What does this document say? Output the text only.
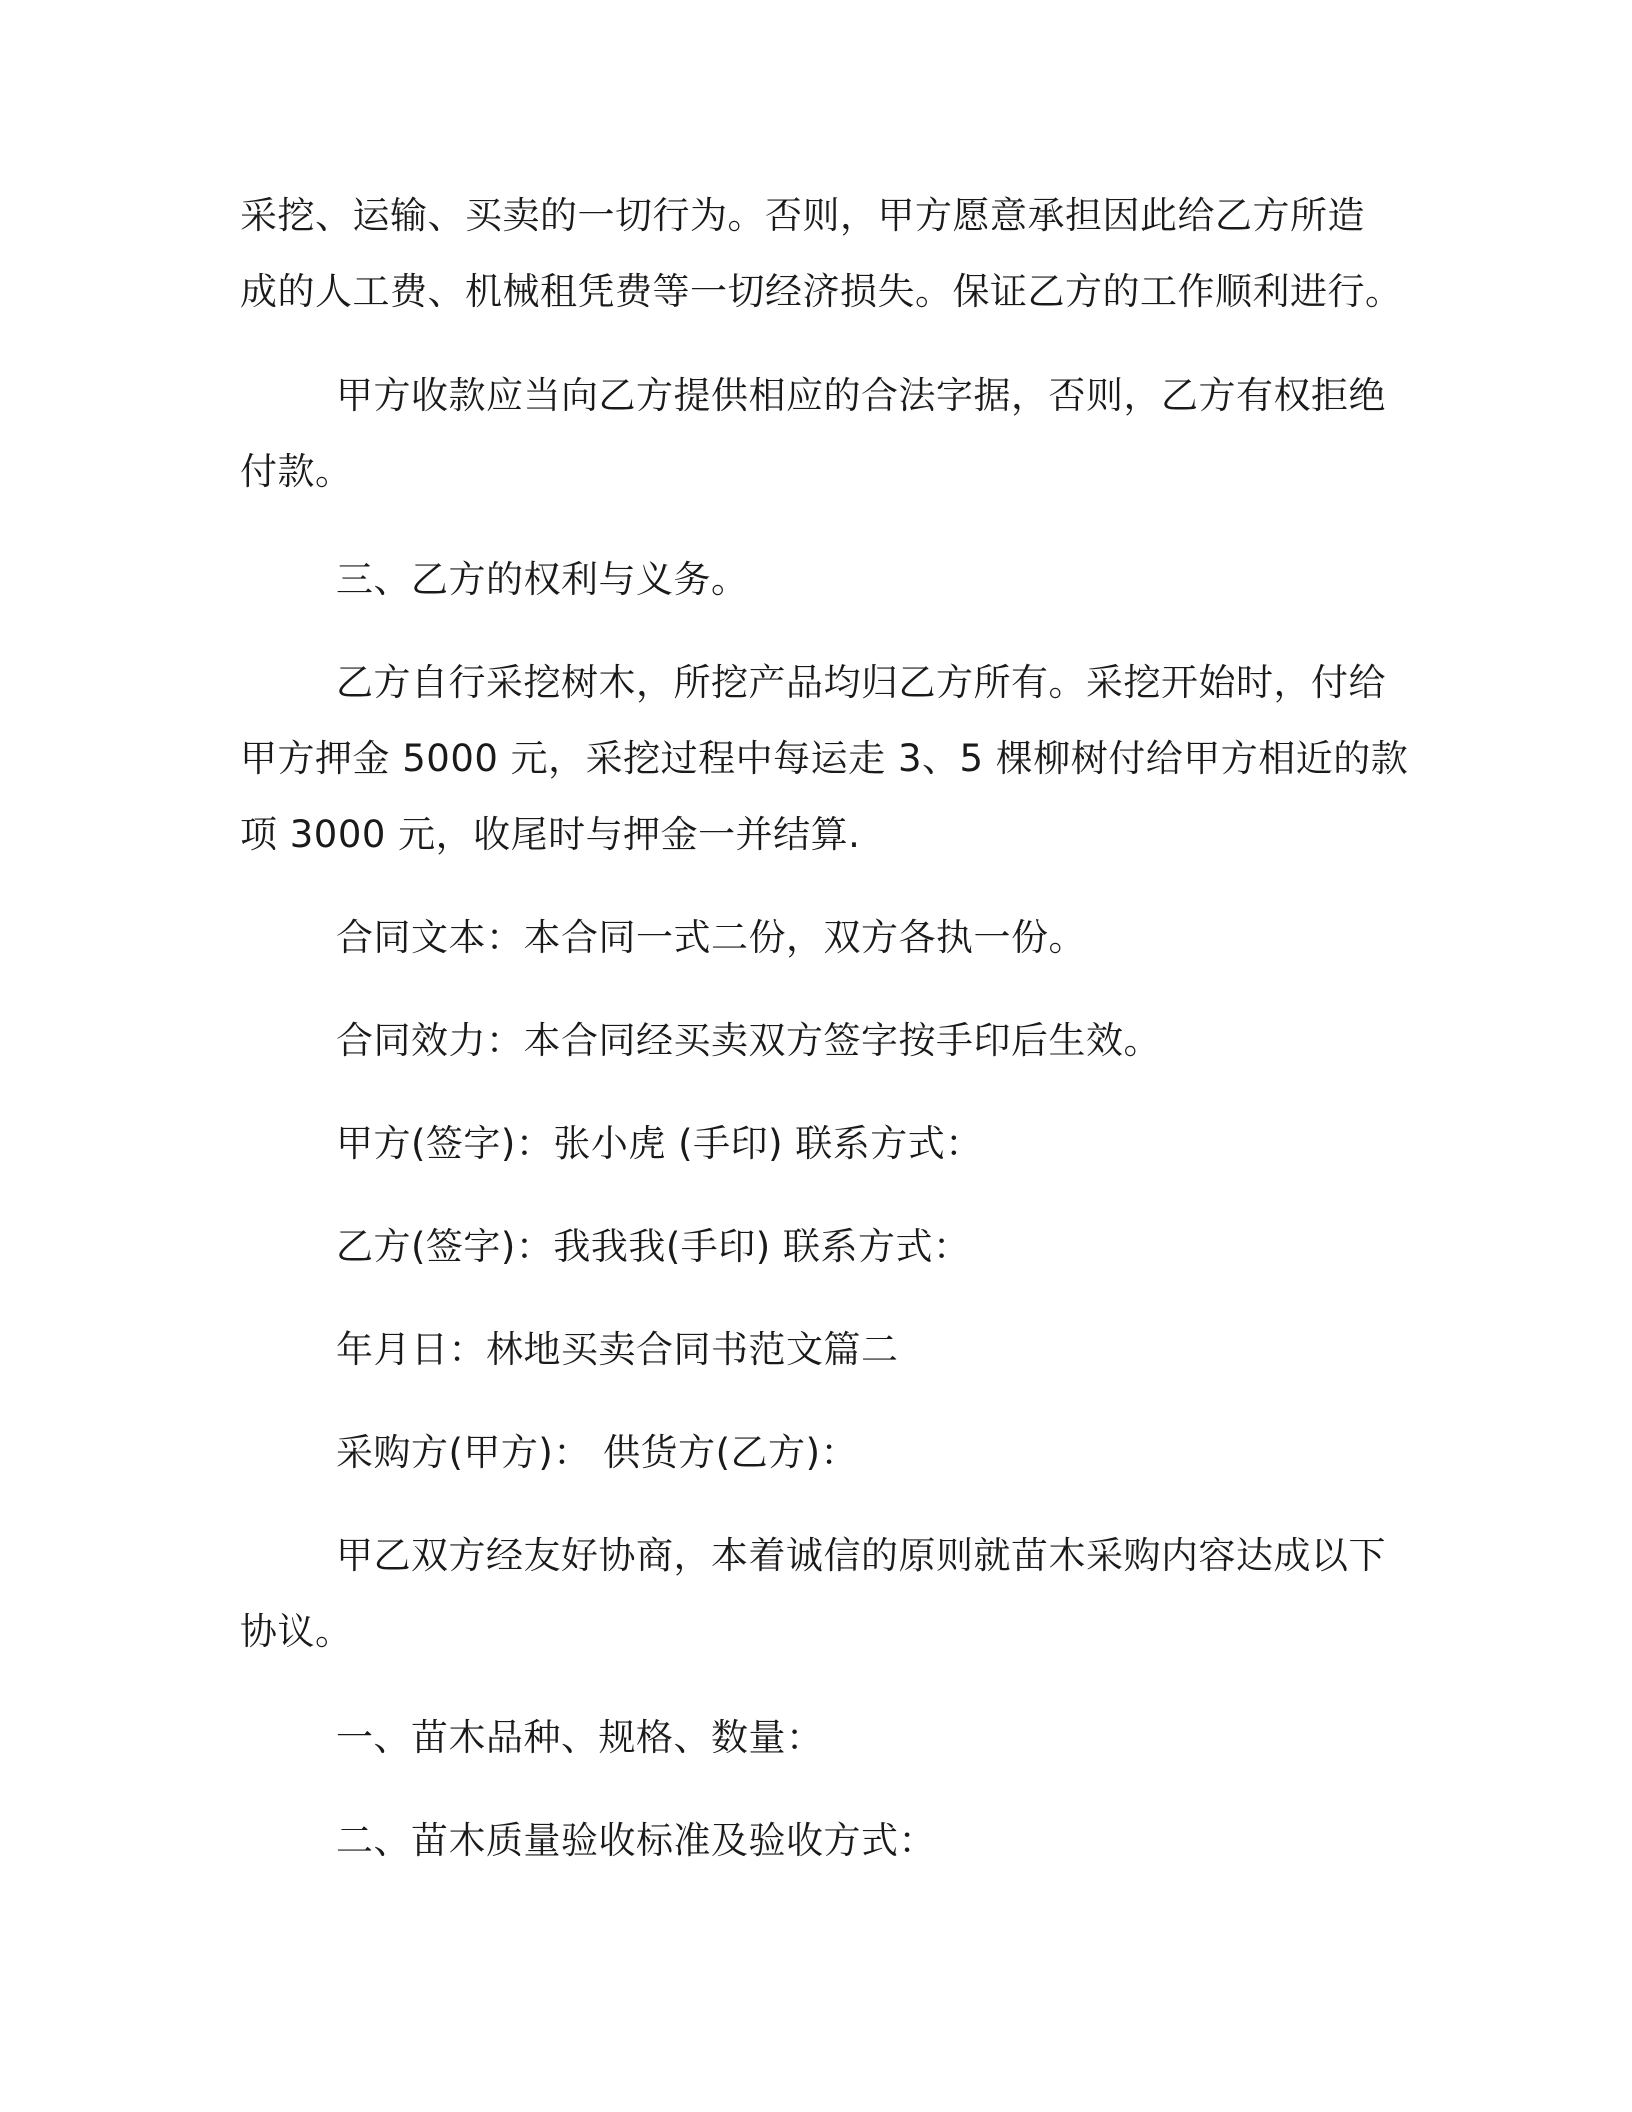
采挖、运输、买卖的一切行为。否则，甲方愿意承担因此给乙方所造
成的人工费、机械租凭费等一切经济损失。保证乙方的工作顺利进行。

甲方收款应当向乙方提供相应的合法字据，否则，乙方有权拒绝
付款。

三、乙方的权利与义务。

乙方自行采挖树木，所挖产品均归乙方所有。采挖开始时，付给
甲方押金 5000 元，采挖过程中每运走 3、5 棵柳树付给甲方相近的款
项 3000 元，收尾时与押金一并结算.

合同文本：本合同一式二份，双方各执一份。

合同效力：本合同经买卖双方签字按手印后生效。

甲方(签字)：张小虎 (手印) 联系方式：

乙方(签字)：我我我(手印) 联系方式：

年月日：林地买卖合同书范文篇二

采购方(甲方)： 供货方(乙方)：

甲乙双方经友好协商，本着诚信的原则就苗木采购内容达成以下
协议。

一、苗木品种、规格、数量：

二、苗木质量验收标准及验收方式：
